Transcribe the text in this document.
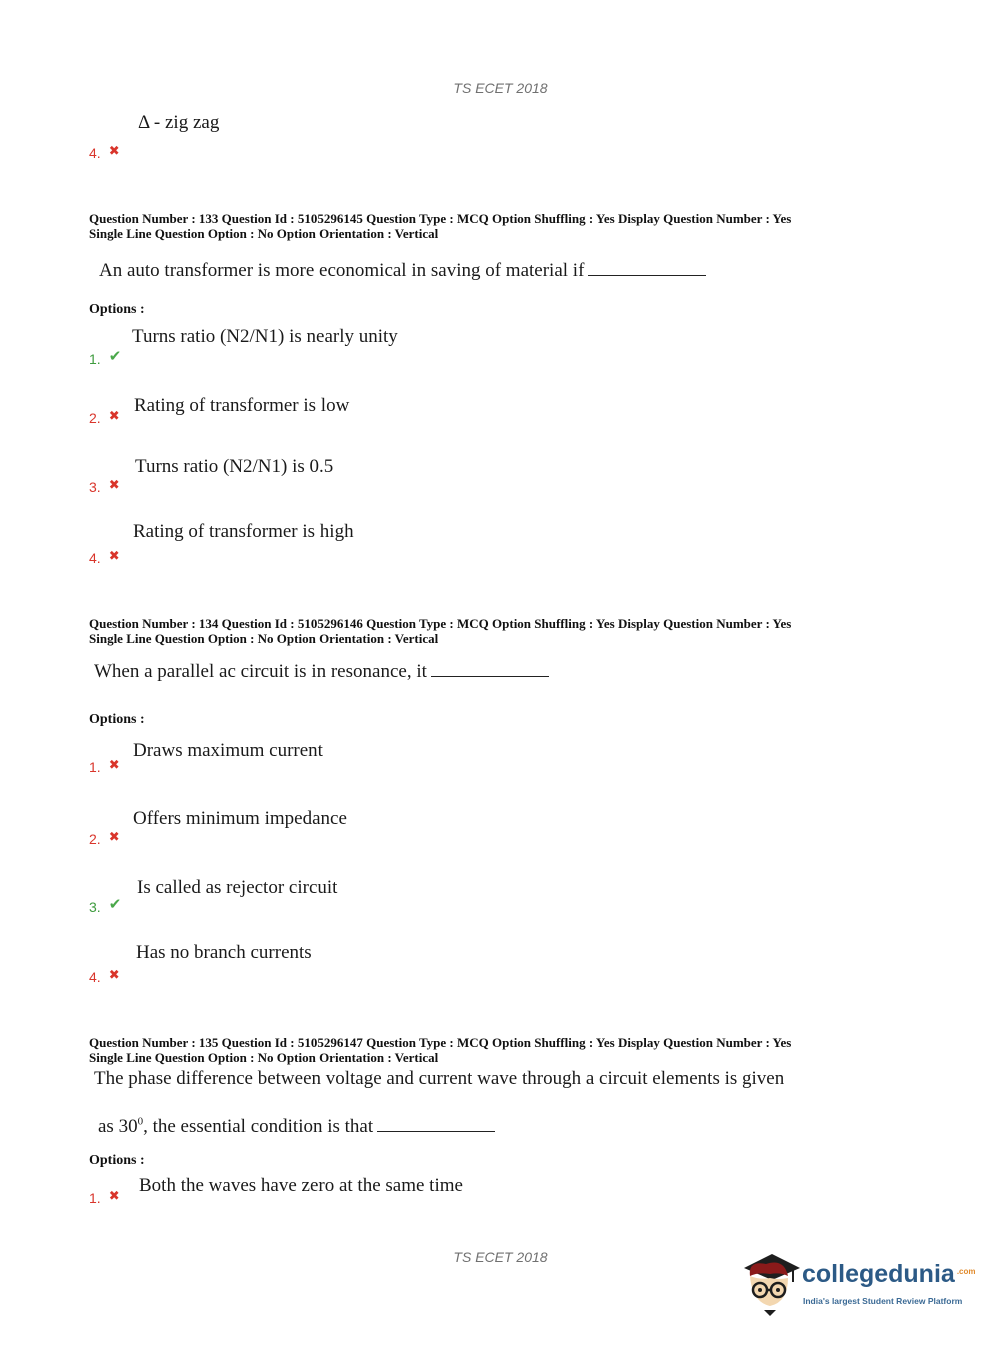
TS ECET 2018
Δ - zig zag
4. ✖
Question Number : 133 Question Id : 5105296145 Question Type : MCQ Option Shuffling : Yes Display Question Number : Yes
Single Line Question Option : No Option Orientation : Vertical
An auto transformer is more economical in saving of material if
Options :
Turns ratio (N2/N1) is nearly unity
1. ✔
Rating of transformer is low
2. ✖
Turns ratio (N2/N1) is 0.5
3. ✖
Rating of transformer is high
4. ✖
Question Number : 134 Question Id : 5105296146 Question Type : MCQ Option Shuffling : Yes Display Question Number : Yes
Single Line Question Option : No Option Orientation : Vertical
When a parallel ac circuit is in resonance, it
Options :
Draws maximum current
1. ✖
Offers minimum impedance
2. ✖
Is called as rejector circuit
3. ✔
Has no branch currents
4. ✖
Question Number : 135 Question Id : 5105296147 Question Type : MCQ Option Shuffling : Yes Display Question Number : Yes
Single Line Question Option : No Option Orientation : Vertical
The phase difference between voltage and current wave through a circuit elements is given
as $30^0$, the essential condition is that
Options :
Both the waves have zero at the same time
1. ✖
TS ECET 2018
collegedunia $^{.com}$
India's largest Student Review Platform
